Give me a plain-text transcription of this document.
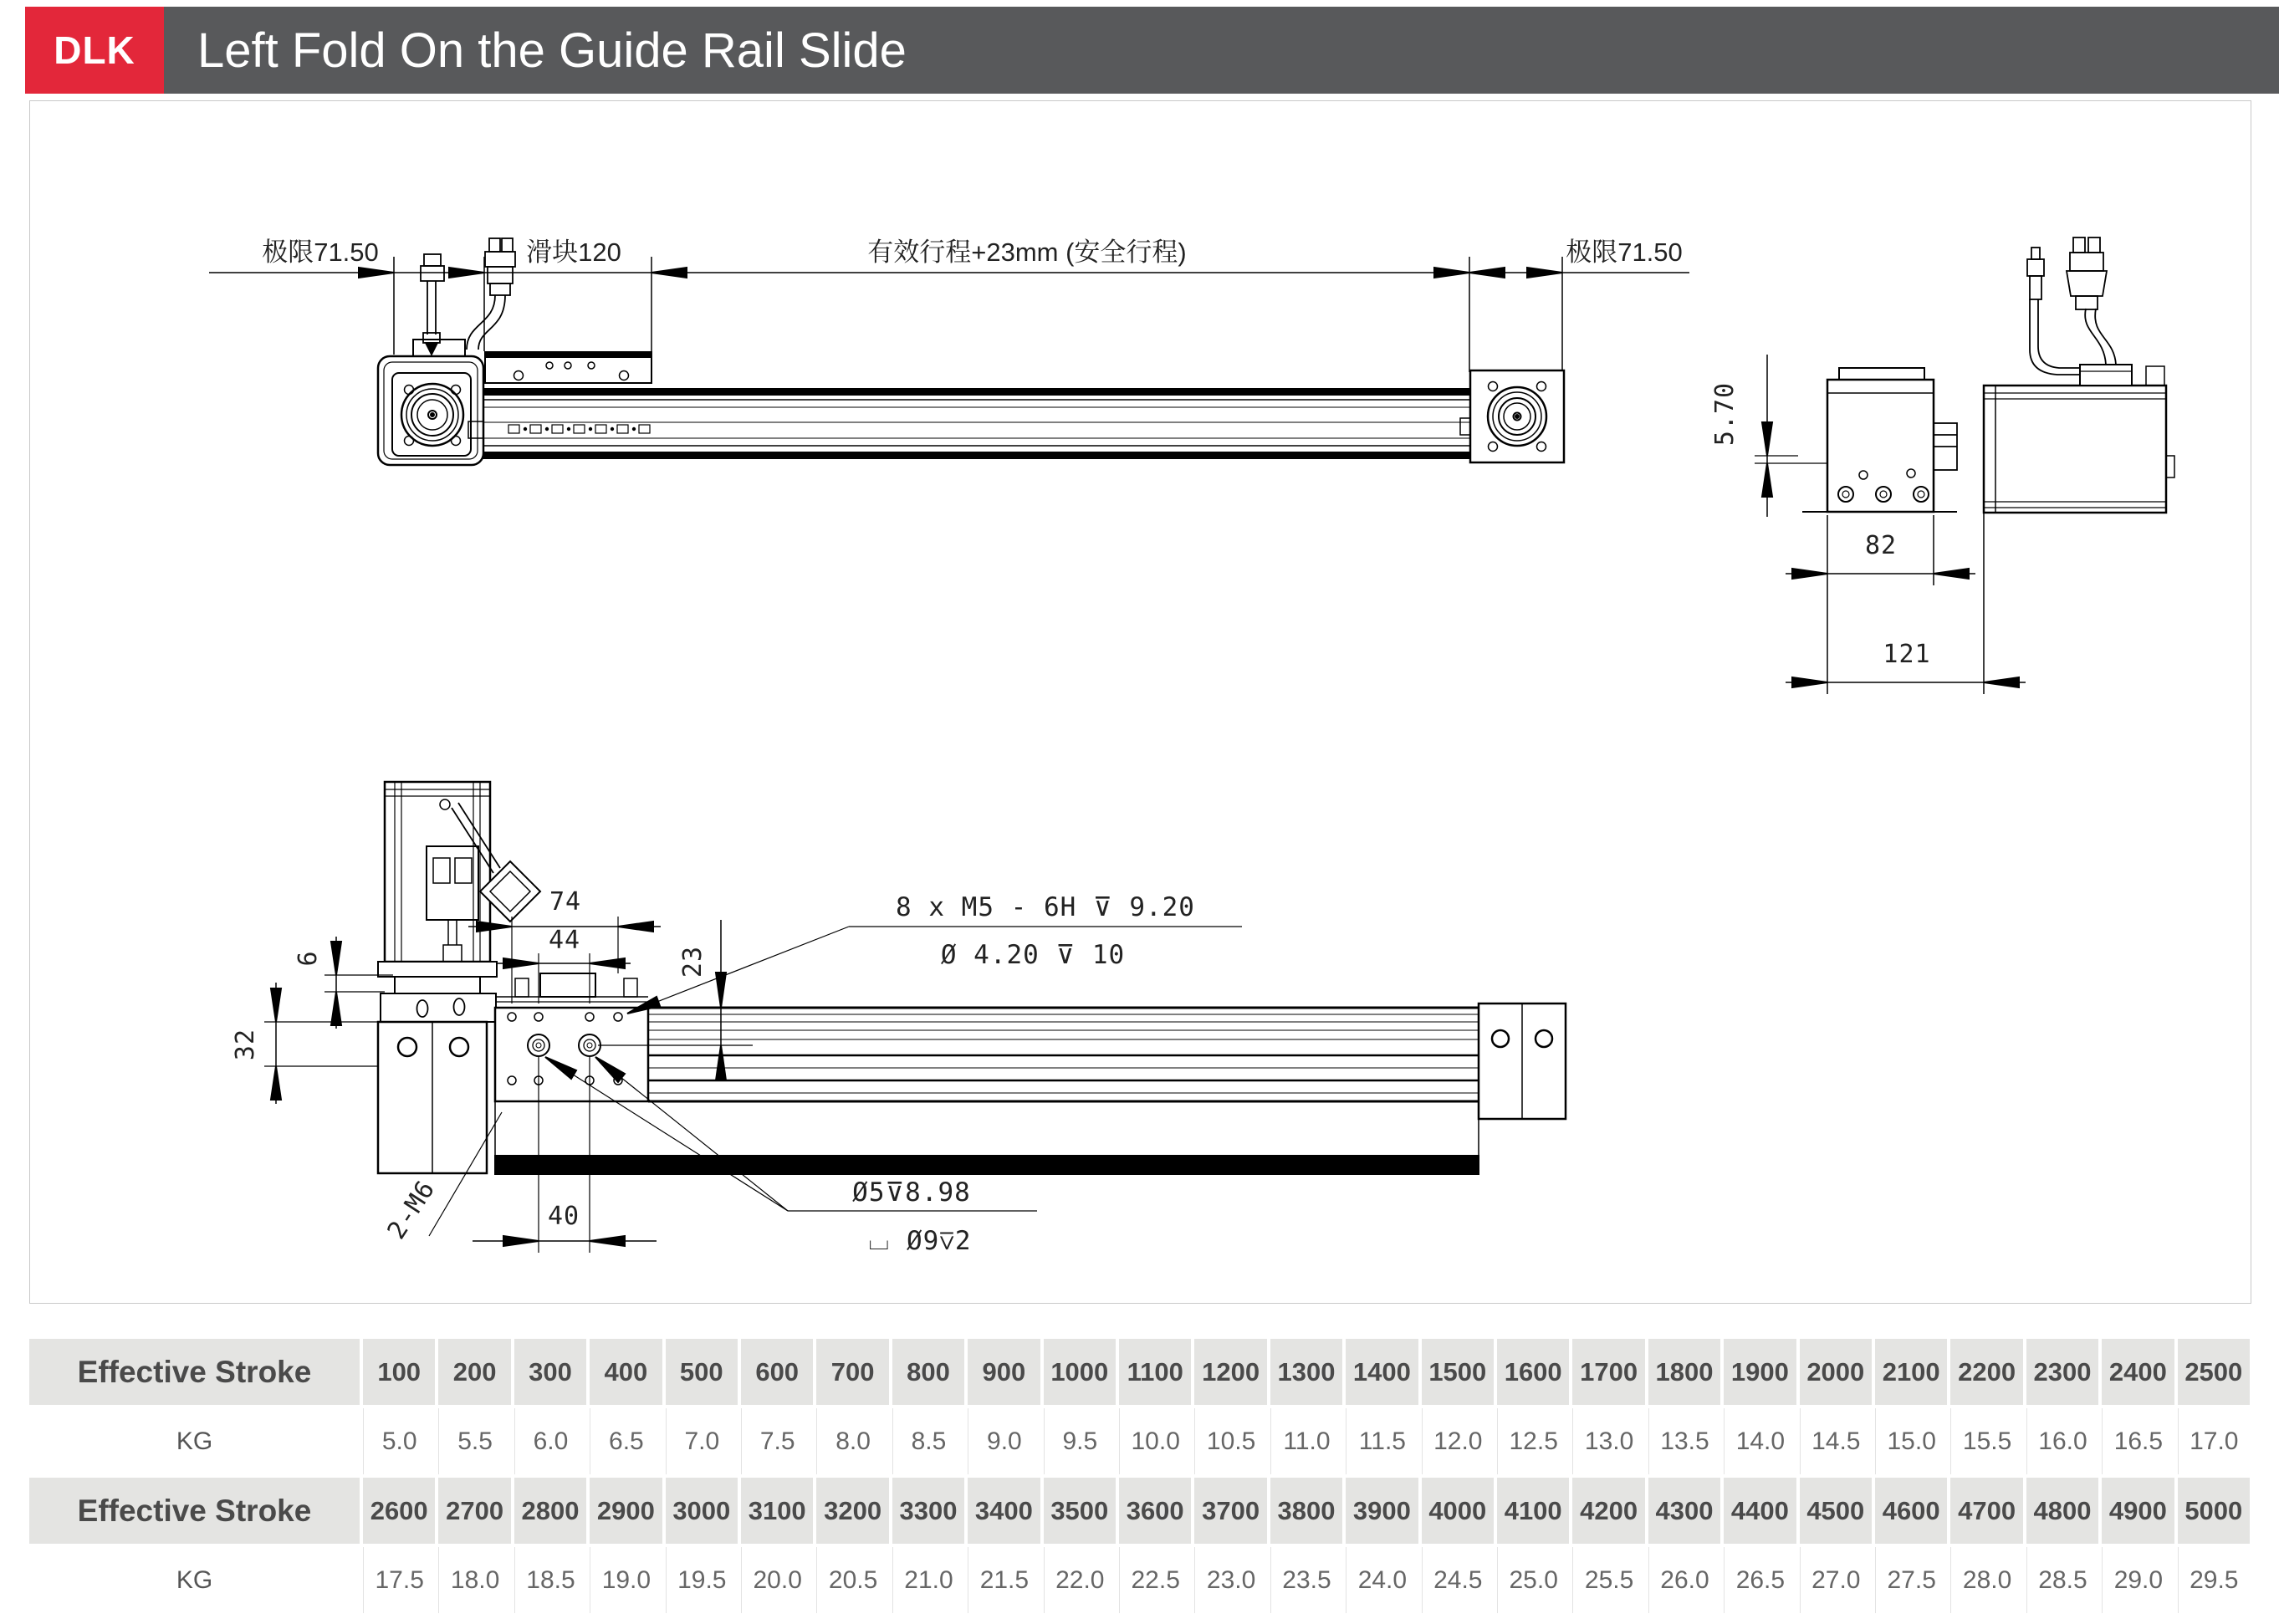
DLK	Left Fold On the Guide Rail Slide
极限71.50	滑块120	有效行程+23mm (安全行程)	极限71.50
5.70
82
121
74
44
23
6
32
40
2-M6
8 x M5 - 6H ⊽ 9.20
Ø 4.20 ⊽ 10
Ø5⊽8.98
⌴ Ø9⊽2
Effective Stroke	100	200	300	400	500	600	700	800	900 1000 1100 1200 1300 1400 1500 1600 1700 1800 1900 2000 2100 2200 2300 2400 2500
KG	5.0	5.5	6.0	6.5	7.0	7.5	8.0	8.5	9.0	9.5	10.0	10.5	11.0	11.5	12.0	12.5	13.0	13.5	14.0	14.5	15.0	15.5	16.0	16.5	17.0
Effective Stroke	2600 2700 2800 2900 3000 3100 3200 3300 3400 3500 3600 3700 3800 3900 4000 4100 4200 4300 4400 4500 4600 4700 4800 4900 5000
KG	17.5	18.0	18.5	19.0	19.5	20.0	20.5	21.0	21.5	22.0	22.5	23.0	23.5	24.0	24.5	25.0	25.5	26.0	26.5	27.0	27.5	28.0	28.5	29.0	29.5
